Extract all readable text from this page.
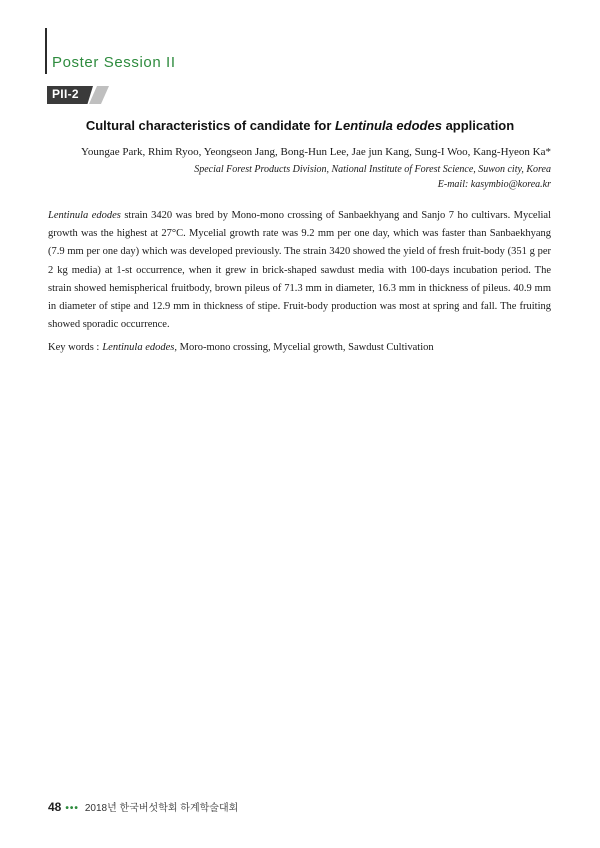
Poster Session II
PII-2
Cultural characteristics of candidate for Lentinula edodes application
Youngae Park, Rhim Ryoo, Yeongseon Jang, Bong-Hun Lee, Jae jun Kang, Sung-I Woo, Kang-Hyeon Ka*
Special Forest Products Division, National Institute of Forest Science, Suwon city, Korea
E-mail: kasymbio@korea.kr
Lentinula edodes strain 3420 was bred by Mono-mono crossing of Sanbaekhyang and Sanjo 7 ho cultivars. Mycelial growth was the highest at 27°C. Mycelial growth rate was 9.2 mm per one day, which was faster than Sanbaekhyang (7.9 mm per one day) which was developed previously. The strain 3420 showed the yield of fresh fruit-body (351 g per 2 kg media) at 1-st occurrence, when it grew in brick-shaped sawdust media with 100-days incubation period. The strain showed hemispherical fruitbody, brown pileus of 71.3 mm in diameter, 16.3 mm in thickness of pileus. 40.9 mm in diameter of stipe and 12.9 mm in thickness of stipe. Fruit-body production was most at spring and fall. The fruiting showed sporadic occurrence.
Key words : Lentinula edodes, Moro-mono crossing, Mycelial growth, Sawdust Cultivation
48 ••• 2018년 한국버섯학회 하계학술대회
